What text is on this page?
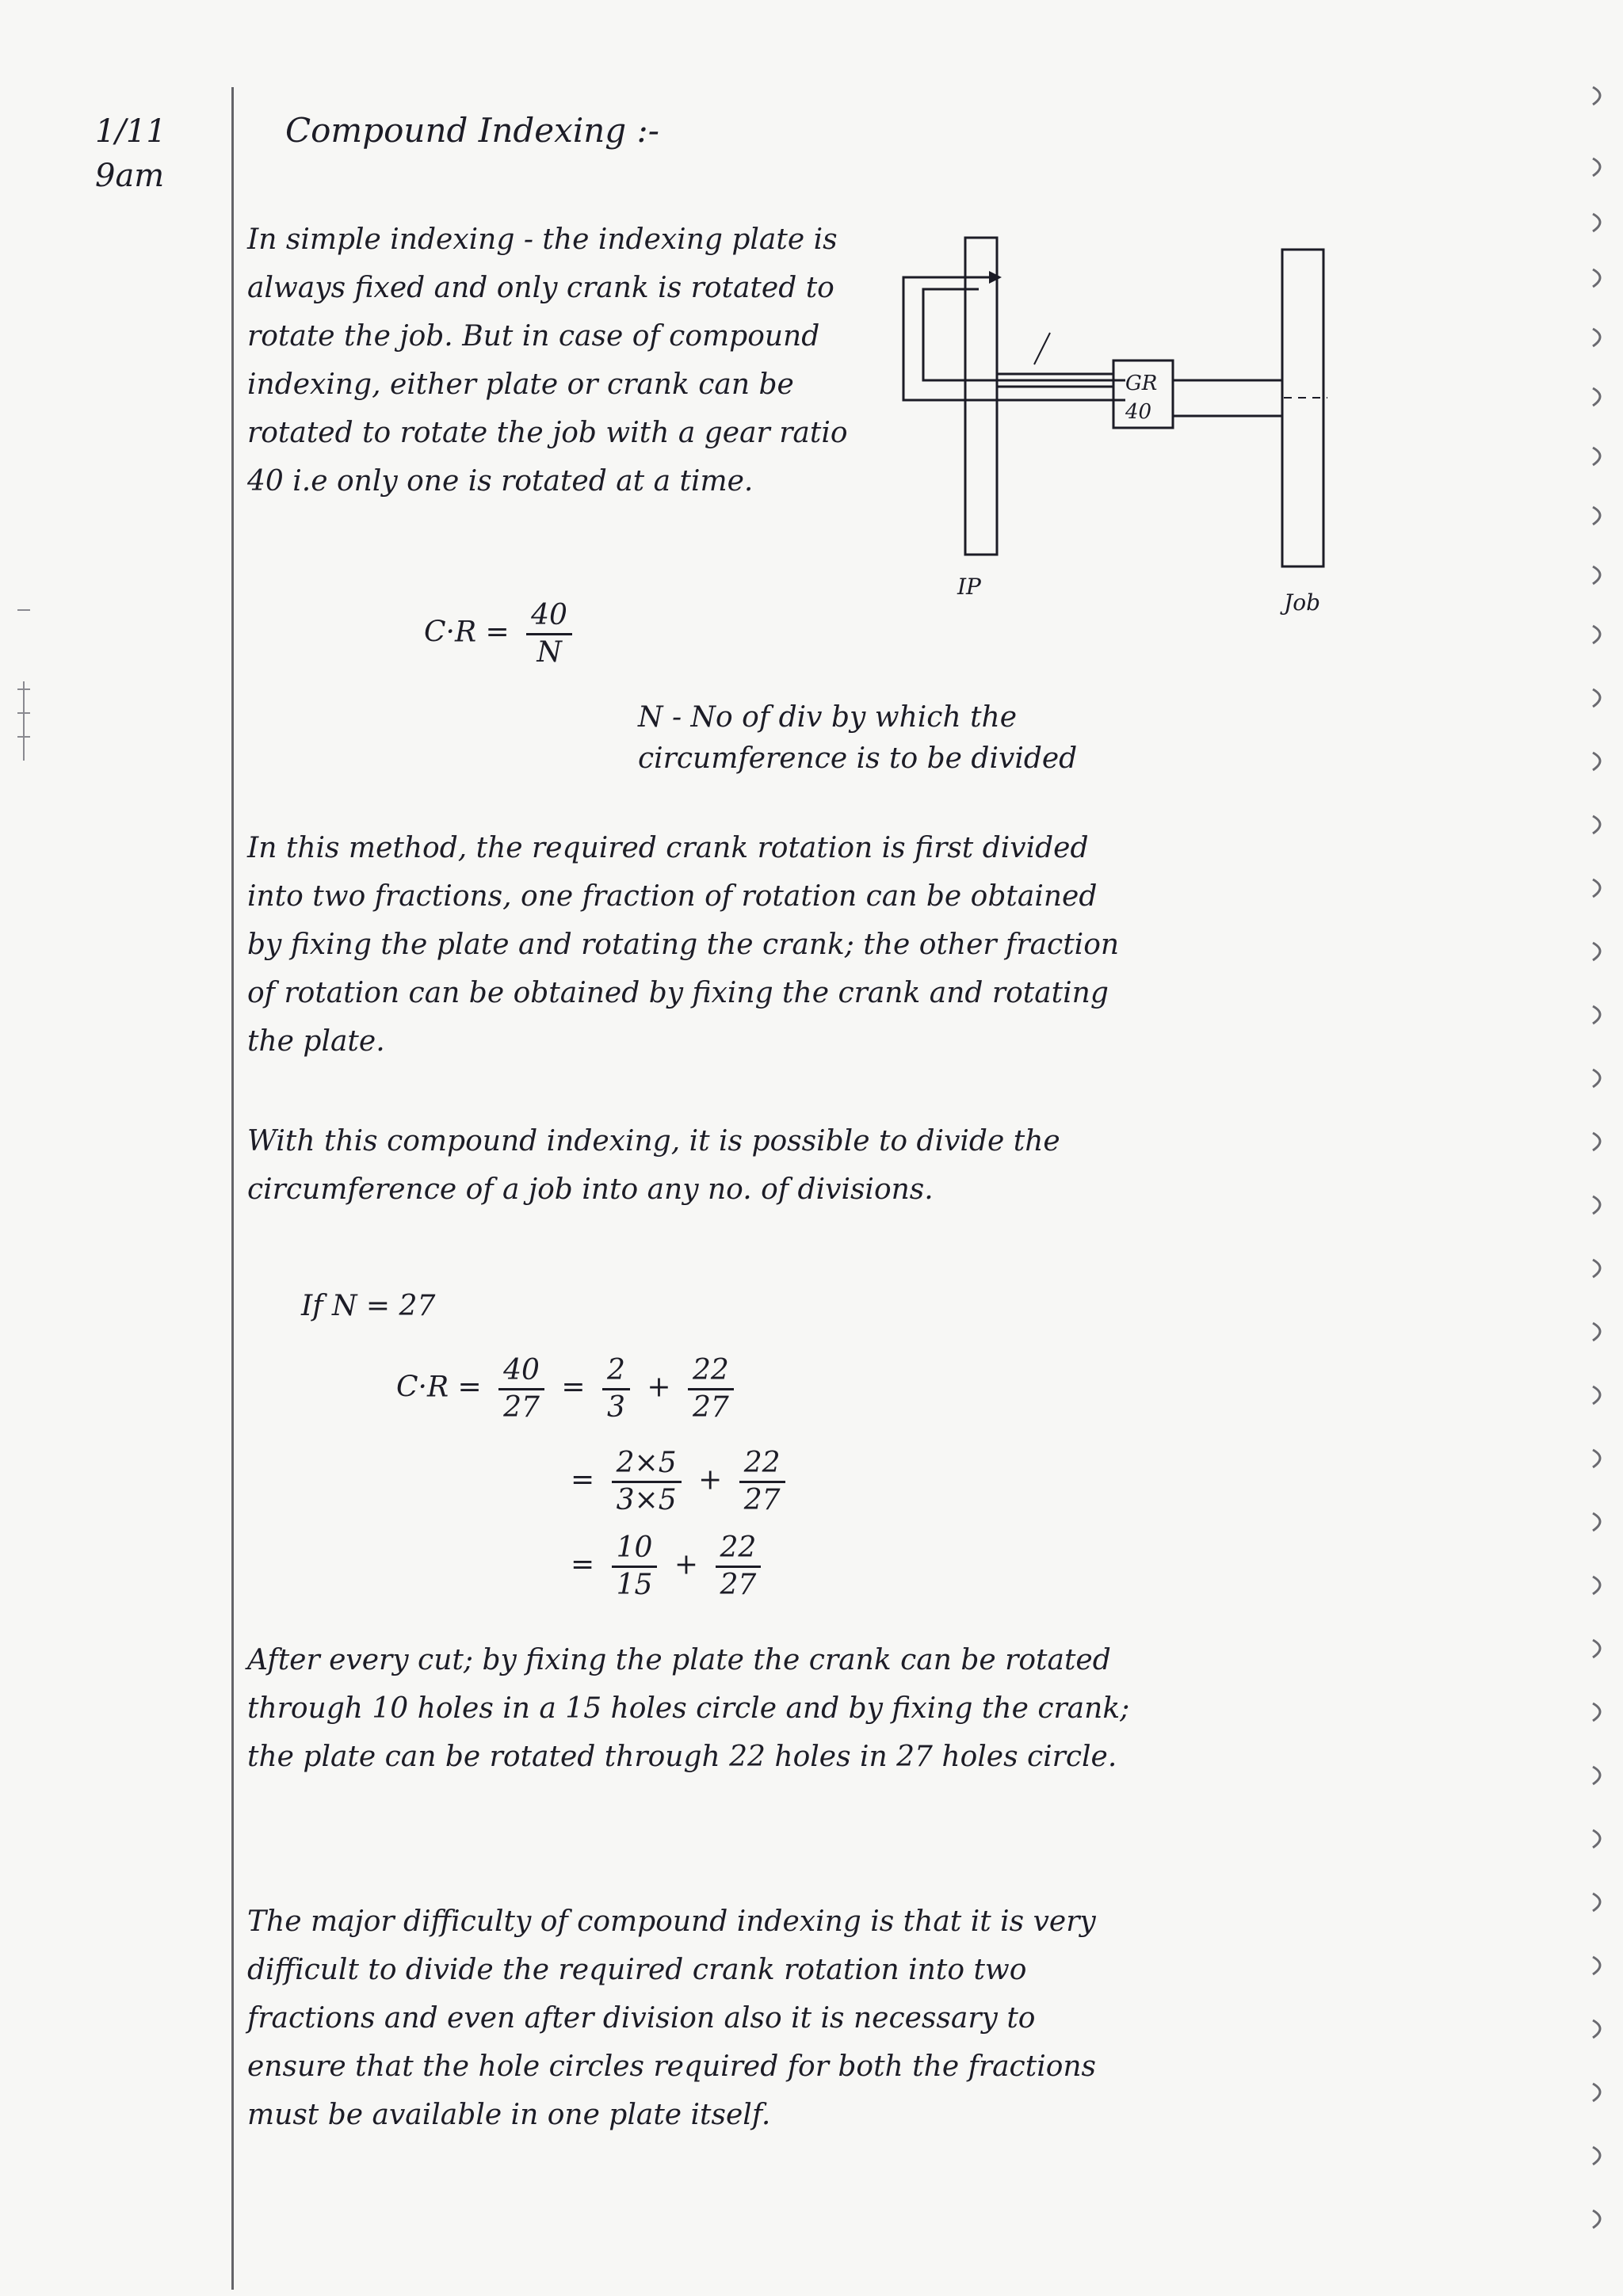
1/11
9am
Compound Indexing :-
In simple indexing - the indexing plate is always fixed and only crank is rotated to rotate the job. But in case of compound indexing, either plate or crank can be rotated to rotate the job with a gear ratio 40 i.e only one is rotated at a time.
GR
40
IP
Job
$C\cdot R = \frac{40}{N}$
N - No of div by which the circumference is to be divided
In this method, the required crank rotation is first divided into two fractions, one fraction of rotation can be obtained by fixing the plate and rotating the crank; the other fraction of rotation can be obtained by fixing the crank and rotating the plate.
With this compound indexing, it is possible to divide the circumference of a job into any no. of divisions.
If N = 27
$C\cdot R = \frac{40}{27} = \frac{2}{3} + \frac{22}{27}$
= $\frac{2\times 5}{3\times 5} + \frac{22}{27}$
= $\frac{10}{15} + \frac{22}{27}$
After every cut; by fixing the plate the crank can be rotated through 10 holes in a 15 holes circle and by fixing the crank; the plate can be rotated through 22 holes in 27 holes circle.
The major difficulty of compound indexing is that it is very difficult to divide the required crank rotation into two fractions and even after division also it is necessary to ensure that the hole circles required for both the fractions must be available in one plate itself.
